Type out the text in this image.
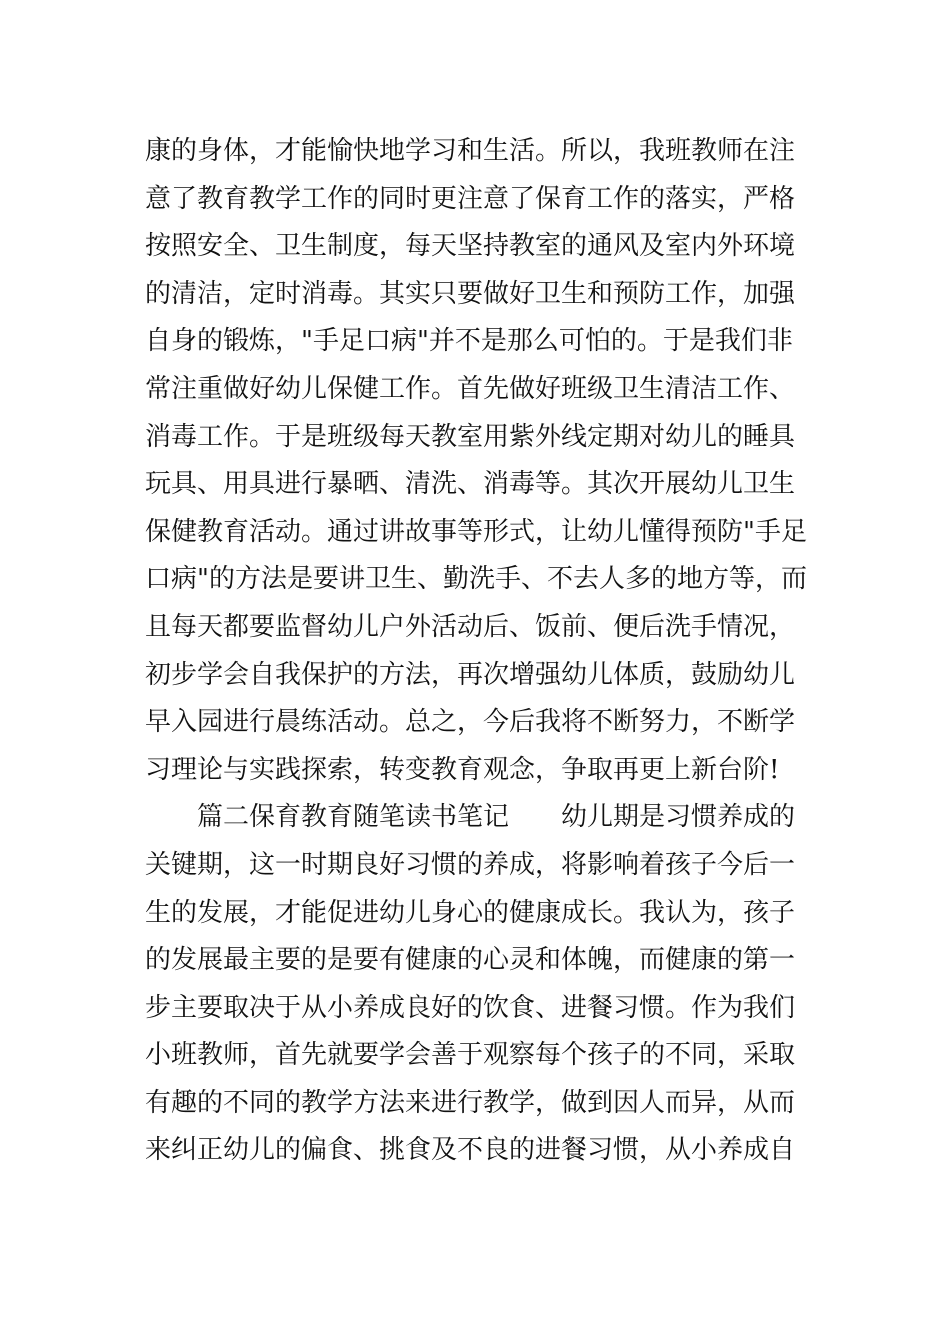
康的身体，才能愉快地学习和生活。所以，我班教师在注
意了教育教学工作的同时更注意了保育工作的落实，严格
按照安全、卫生制度，每天坚持教室的通风及室内外环境
的清洁，定时消毒。其实只要做好卫生和预防工作，加强
自身的锻炼，"手足口病"并不是那么可怕的。于是我们非
常注重做好幼儿保健工作。首先做好班级卫生清洁工作、
消毒工作。于是班级每天教室用紫外线定期对幼儿的睡具
玩具、用具进行暴晒、清洗、消毒等。其次开展幼儿卫生
保健教育活动。通过讲故事等形式，让幼儿懂得预防"手足
口病"的方法是要讲卫生、勤洗手、不去人多的地方等，而
且每天都要监督幼儿户外活动后、饭前、便后洗手情况，
初步学会自我保护的方法，再次增强幼儿体质，鼓励幼儿
早入园进行晨练活动。总之，今后我将不断努力，不断学
习理论与实践探索，转变教育观念，争取再更上新台阶!
篇二保育教育随笔读书笔记　　幼儿期是习惯养成的
关键期，这一时期良好习惯的养成，将影响着孩子今后一
生的发展，才能促进幼儿身心的健康成长。我认为，孩子
的发展最主要的是要有健康的心灵和体魄，而健康的第一
步主要取决于从小养成良好的饮食、进餐习惯。作为我们
小班教师，首先就要学会善于观察每个孩子的不同，采取
有趣的不同的教学方法来进行教学，做到因人而异，从而
来纠正幼儿的偏食、挑食及不良的进餐习惯，从小养成自
